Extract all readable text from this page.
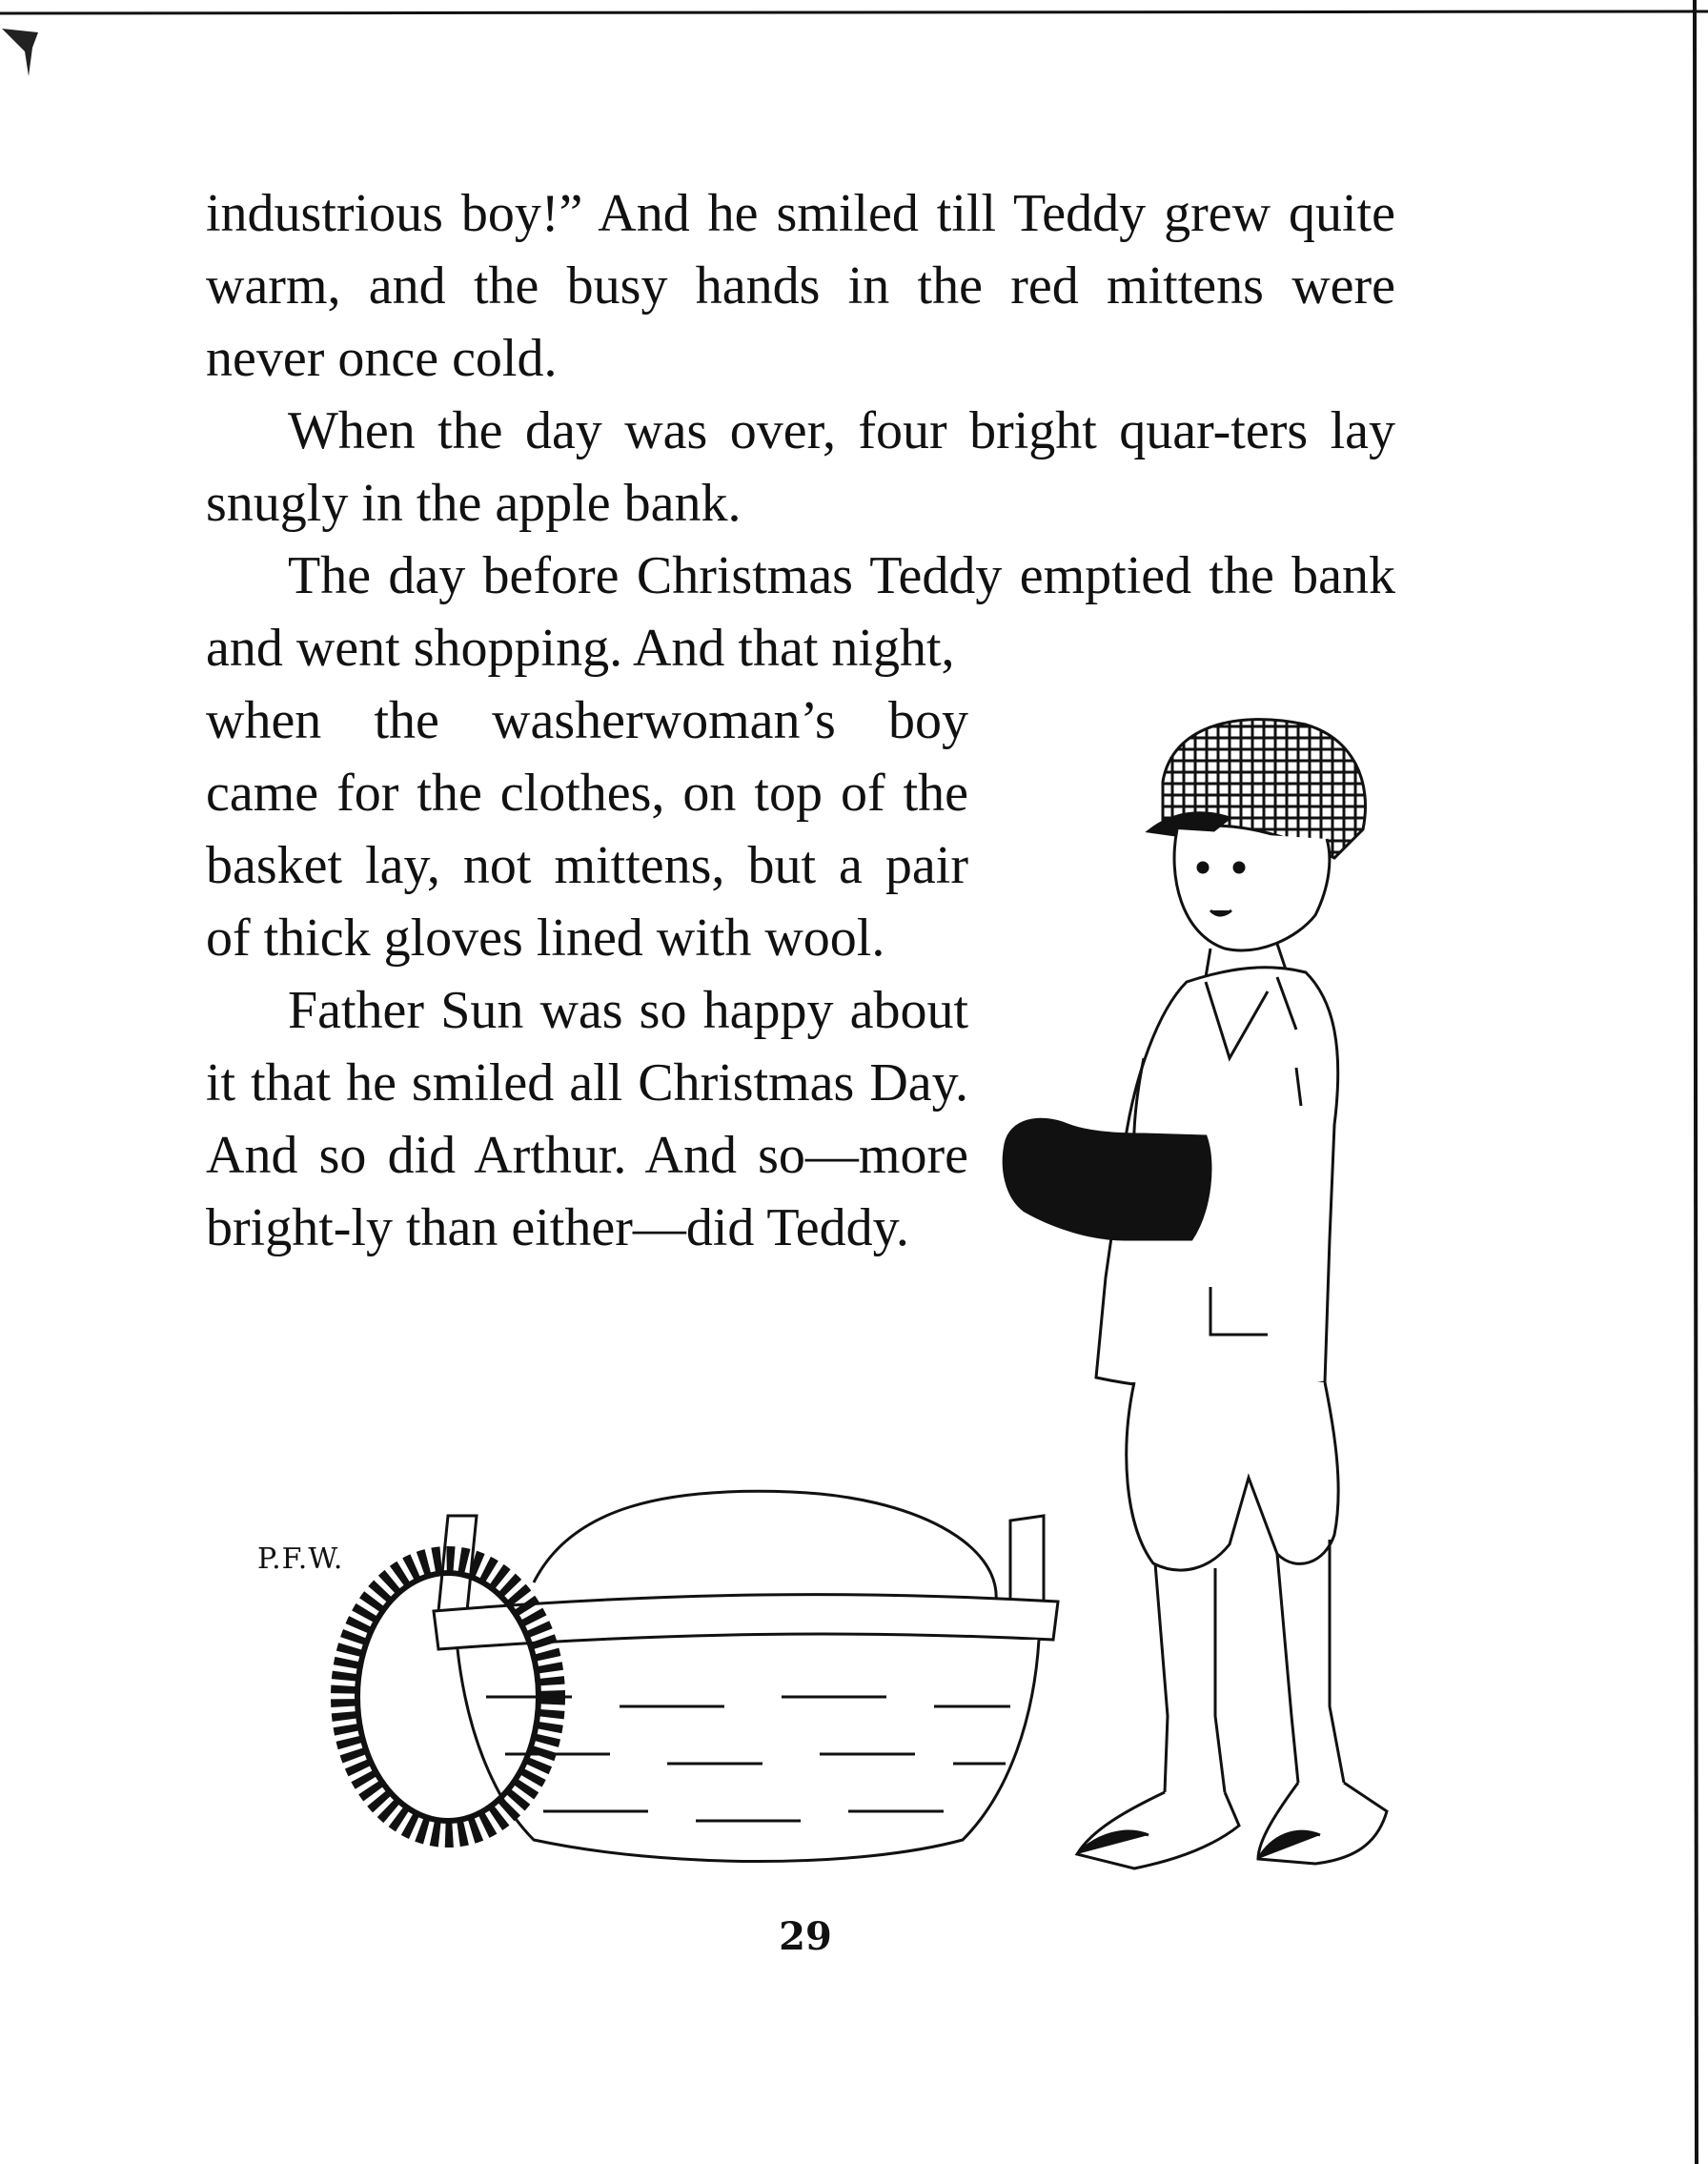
industrious boy!” And he smiled till Teddy grew quite warm, and the busy hands in the red mittens were never once cold.

When the day was over, four bright quar-ters lay snugly in the apple bank.

The day before Christmas Teddy emptied the bank and went shopping. And that night,

when the washerwoman’s boy came for the clothes, on top of the basket lay, not mittens, but a pair of thick gloves lined with wool.

Father Sun was so happy about it that he smiled all Christmas Day. And so did Arthur. And so—more bright-ly than either—did Teddy.

P.F.W.
29
